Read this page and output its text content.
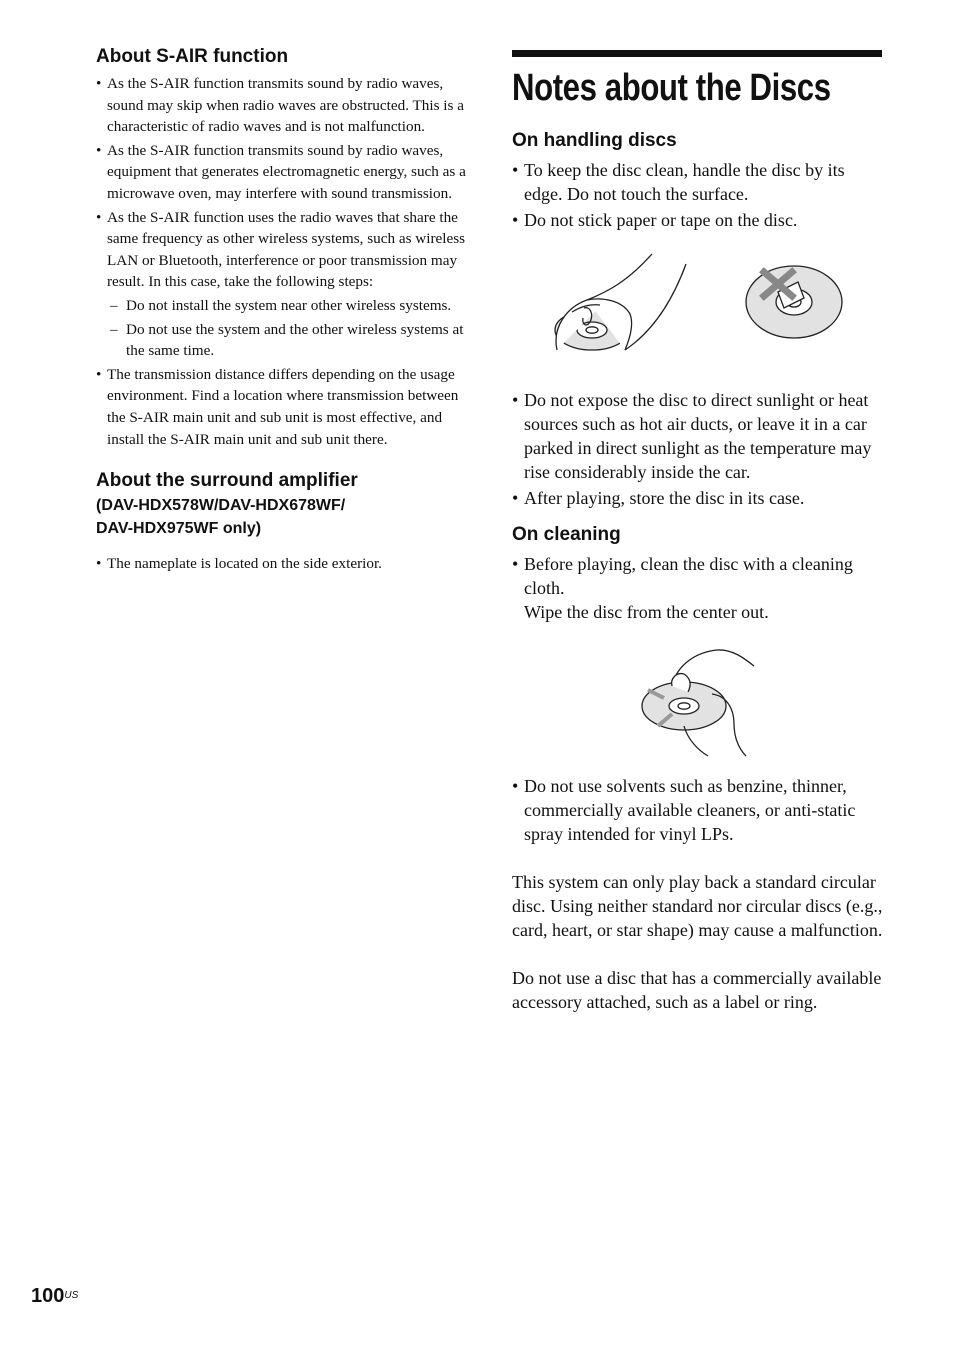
About S-AIR function
• As the S-AIR function transmits sound by radio waves, sound may skip when radio waves are obstructed. This is a characteristic of radio waves and is not malfunction.
• As the S-AIR function transmits sound by radio waves, equipment that generates electromagnetic energy, such as a microwave oven, may interfere with sound transmission.
• As the S-AIR function uses the radio waves that share the same frequency as other wireless systems, such as wireless LAN or Bluetooth, interference or poor transmission may result. In this case, take the following steps:
– Do not install the system near other wireless systems.
– Do not use the system and the other wireless systems at the same time.
• The transmission distance differs depending on the usage environment. Find a location where transmission between the S-AIR main unit and sub unit is most effective, and install the S-AIR main unit and sub unit there.
About the surround amplifier
(DAV-HDX578W/DAV-HDX678WF/
DAV-HDX975WF only)
• The nameplate is located on the side exterior.
Notes about the Discs
On handling discs
• To keep the disc clean, handle the disc by its edge. Do not touch the surface.
• Do not stick paper or tape on the disc.
• Do not expose the disc to direct sunlight or heat sources such as hot air ducts, or leave it in a car parked in direct sunlight as the temperature may rise considerably inside the car.
• After playing, store the disc in its case.
On cleaning
• Before playing, clean the disc with a cleaning cloth.
Wipe the disc from the center out.
• Do not use solvents such as benzine, thinner, commercially available cleaners, or anti-static spray intended for vinyl LPs.

This system can only play back a standard circular disc. Using neither standard nor circular discs (e.g., card, heart, or star shape) may cause a malfunction.

Do not use a disc that has a commercially available accessory attached, such as a label or ring.

$100^{US}$
